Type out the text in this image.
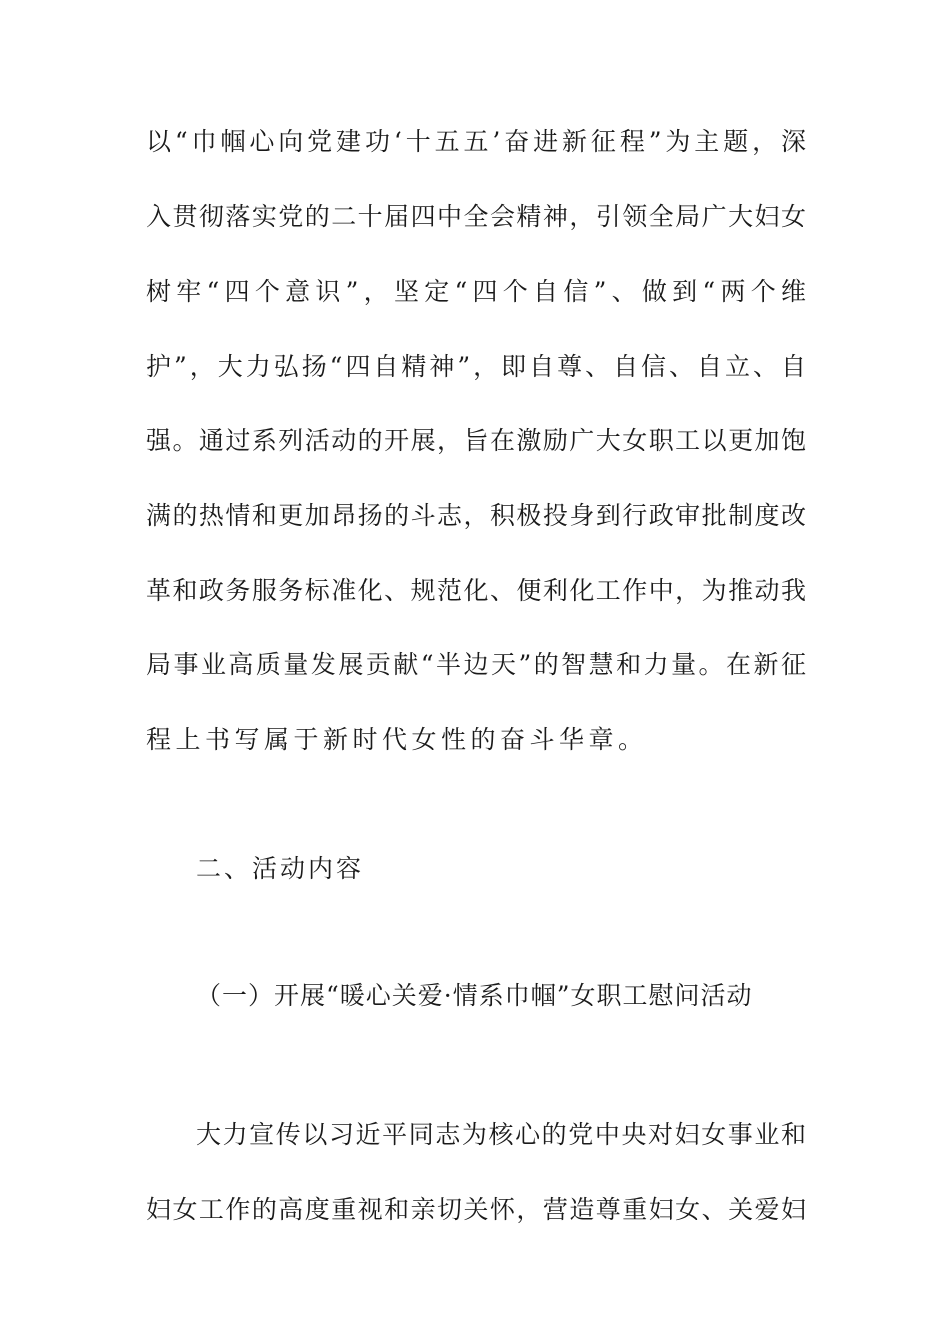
以“巾帼心向党建功‘十五五’奋进新征程”为主题，深
入贯彻落实党的二十届四中全会精神，引领全局广大妇女
树牢“四个意识”，坚定“四个自信”、做到“两个维
护”，大力弘扬“四自精神”，即自尊、自信、自立、自
强。通过系列活动的开展，旨在激励广大女职工以更加饱
满的热情和更加昂扬的斗志，积极投身到行政审批制度改
革和政务服务标准化、规范化、便利化工作中，为推动我
局事业高质量发展贡献“半边天”的智慧和力量。在新征
程上书写属于新时代女性的奋斗华章。
二、活动内容
（一）开展“暖心关爱·情系巾帼”女职工慰问活动
大力宣传以习近平同志为核心的党中央对妇女事业和
妇女工作的高度重视和亲切关怀，营造尊重妇女、关爱妇
